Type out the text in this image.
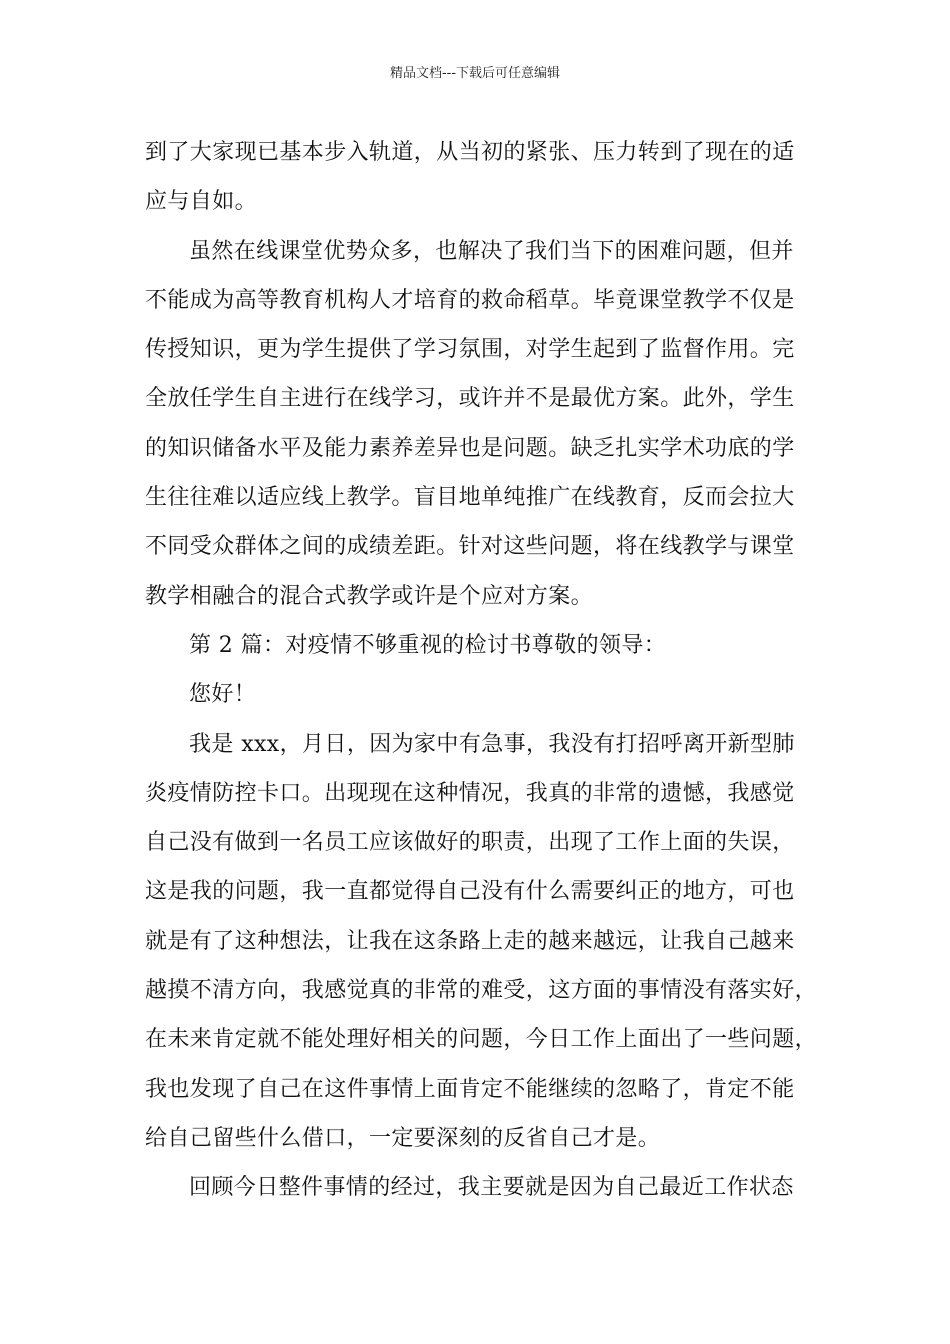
精品文档---下载后可任意编辑
到了大家现已基本步入轨道，从当初的紧张、压力转到了现在的适
应与自如。
虽然在线课堂优势众多，也解决了我们当下的困难问题，但并
不能成为高等教育机构人才培育的救命稻草。毕竟课堂教学不仅是
传授知识，更为学生提供了学习氛围，对学生起到了监督作用。完
全放任学生自主进行在线学习，或许并不是最优方案。此外，学生
的知识储备水平及能力素养差异也是问题。缺乏扎实学术功底的学
生往往难以适应线上教学。盲目地单纯推广在线教育，反而会拉大
不同受众群体之间的成绩差距。针对这些问题，将在线教学与课堂
教学相融合的混合式教学或许是个应对方案。
第 2 篇：对疫情不够重视的检讨书尊敬的领导：
您好！
我是 xxx，月日，因为家中有急事，我没有打招呼离开新型肺
炎疫情防控卡口。出现现在这种情况，我真的非常的遗憾，我感觉
自己没有做到一名员工应该做好的职责，出现了工作上面的失误，
这是我的问题，我一直都觉得自己没有什么需要纠正的地方，可也
就是有了这种想法，让我在这条路上走的越来越远，让我自己越来
越摸不清方向，我感觉真的非常的难受，这方面的事情没有落实好，
在未来肯定就不能处理好相关的问题，今日工作上面出了一些问题，
我也发现了自己在这件事情上面肯定不能继续的忽略了，肯定不能
给自己留些什么借口，一定要深刻的反省自己才是。
回顾今日整件事情的经过，我主要就是因为自己最近工作状态
